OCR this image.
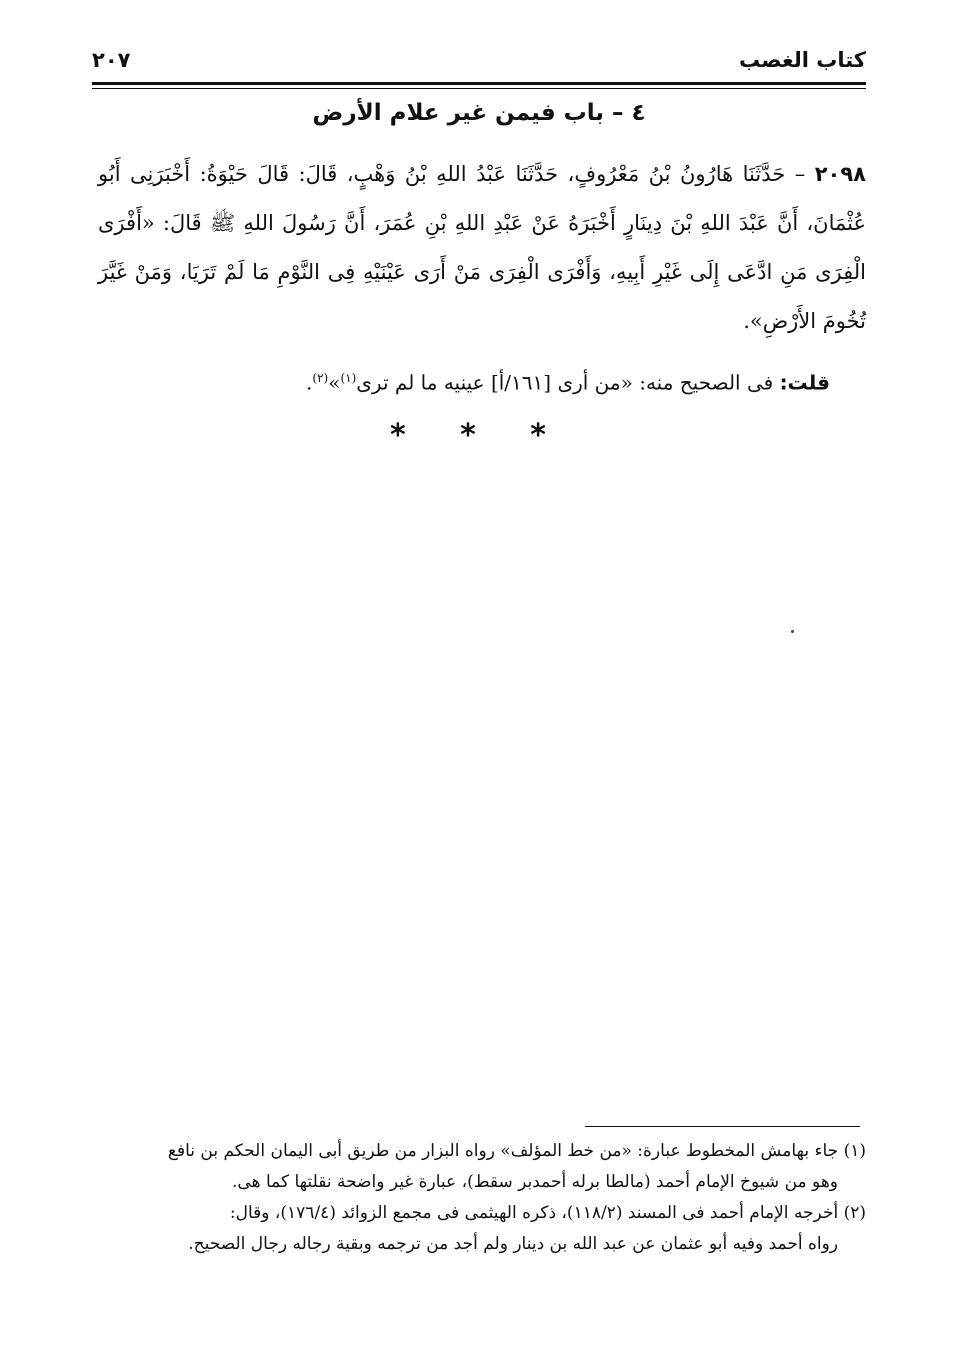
كتاب الغصب
٢٠٧
٤ – باب فيمن غير علام الأرض
٢٠٩٨ – حَدَّثَنَا هَارُونُ بْنُ مَعْرُوفٍ، حَدَّثَنَا عَبْدُ اللهِ بْنُ وَهْبٍ، قَالَ: قَالَ حَيْوَةُ: أَخْبَرَنِى أَبُو عُثْمَانَ، أَنَّ عَبْدَ اللهِ بْنَ دِينَارٍ أَخْبَرَهُ عَنْ عَبْدِ اللهِ بْنِ عُمَرَ، أَنَّ رَسُولَ اللهِ ﷺ قَالَ: «أَفْرَى الْفِرَى مَنِ ادَّعَى إِلَى غَيْرِ أَبِيهِ، وَأَفْرَى الْفِرَى مَنْ أَرَى عَيْنَيْهِ فِى النَّوْمِ مَا لَمْ تَرَيَا، وَمَنْ غَيَّرَ تُخُومَ الأَرْضِ».
قلت: فى الصحيح منه: «من أرى [١٦١/أ] عينيه ما لم ترى$^{(١)}$»$^{(٢)}$.
* * *
(١) جاء بهامش المخطوط عبارة: «من خط المؤلف» رواه البزار من طريق أبى اليمان الحكم بن نافع
وهو من شيوخ الإمام أحمد (مالطا برله أحمدبر سقط)، عبارة غير واضحة نقلتها كما هى.
(٢) أخرجه الإمام أحمد فى المسند (١١٨/٢)، ذكره الهيثمى فى مجمع الزوائد (١٧٦/٤)، وقال:
رواه أحمد وفيه أبو عثمان عن عبد الله بن دينار ولم أجد من ترجمه وبقية رجاله رجال الصحيح.
